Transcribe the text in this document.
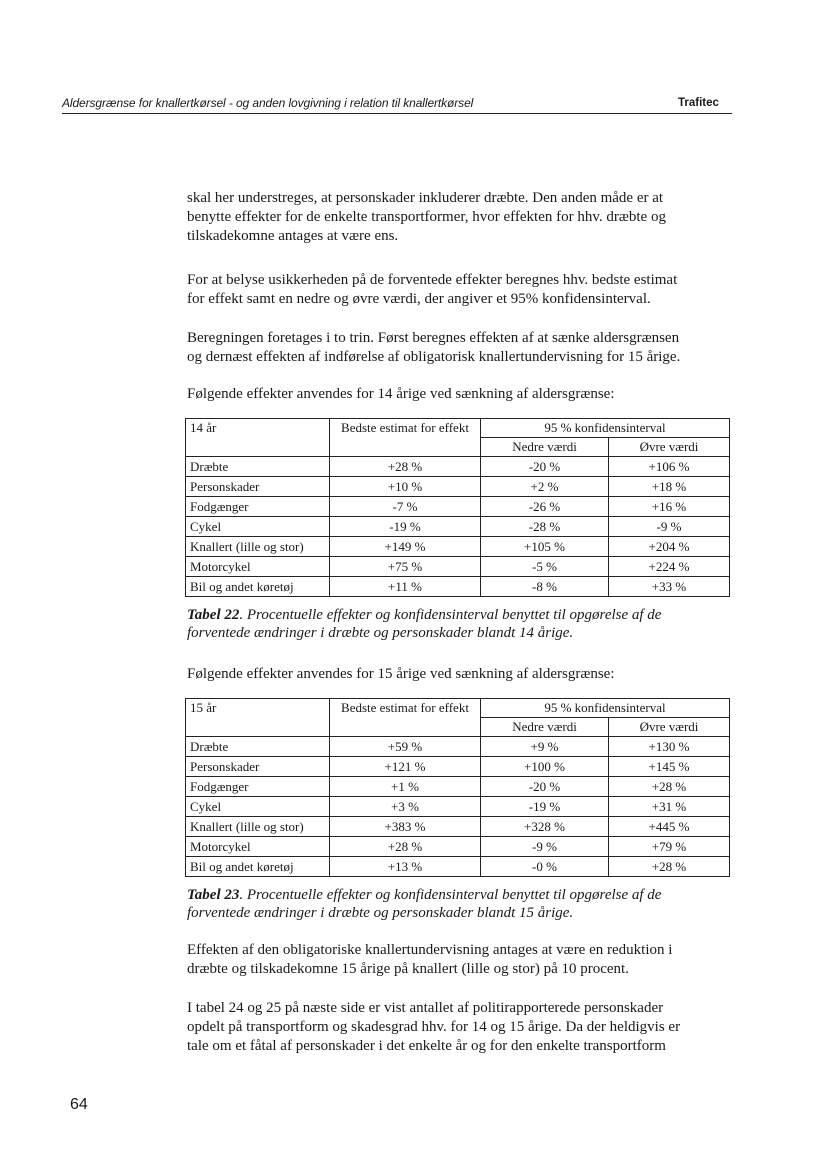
Aldersgrænse for knallertkørsel - og anden lovgivning i relation til knallertkørsel	Trafitec

skal her understreges, at personskader inkluderer dræbte. Den anden måde er at
benytte effekter for de enkelte transportformer, hvor effekten for hhv. dræbte og
tilskadekomne antages at være ens.

For at belyse usikkerheden på de forventede effekter beregnes hhv. bedste estimat
for effekt samt en nedre og øvre værdi, der angiver et 95% konfidensinterval.

Beregningen foretages i to trin. Først beregnes effekten af at sænke aldersgrænsen
og dernæst effekten af indførelse af obligatorisk knallertundervisning for 15 årige.

Følgende effekter anvendes for 14 årige ved sænkning af aldersgrænse:

14 år	Bedste estimat for effekt	95 % konfidensinterval	
		Nedre værdi	Øvre værdi
Dræbte	+28 %	-20 %	+106 %
Personskader	+10 %	+2 %	+18 %
Fodgænger	-7 %	-26 %	+16 %
Cykel	-19 %	-28 %	-9 %
Knallert (lille og stor)	+149 %	+105 %	+204 %
Motorcykel	+75 %	-5 %	+224 %
Bil og andet køretøj	+11 %	-8 %	+33 %

Tabel 22. Procentuelle effekter og konfidensinterval benyttet til opgørelse af de
forventede ændringer i dræbte og personskader blandt 14 årige.

Følgende effekter anvendes for 15 årige ved sænkning af aldersgrænse:

15 år	Bedste estimat for effekt	95 % konfidensinterval	
		Nedre værdi	Øvre værdi
Dræbte	+59 %	+9 %	+130 %
Personskader	+121 %	+100 %	+145 %
Fodgænger	+1 %	-20 %	+28 %
Cykel	+3 %	-19 %	+31 %
Knallert (lille og stor)	+383 %	+328 %	+445 %
Motorcykel	+28 %	-9 %	+79 %
Bil og andet køretøj	+13 %	-0 %	+28 %

Tabel 23. Procentuelle effekter og konfidensinterval benyttet til opgørelse af de
forventede ændringer i dræbte og personskader blandt 15 årige.

Effekten af den obligatoriske knallertundervisning antages at være en reduktion i
dræbte og tilskadekomne 15 årige på knallert (lille og stor) på 10 procent.

I tabel 24 og 25 på næste side er vist antallet af politirapporterede personskader
opdelt på transportform og skadesgrad hhv. for 14 og 15 årige. Da der heldigvis er
tale om et fåtal af personskader i det enkelte år og for den enkelte transportform

64
